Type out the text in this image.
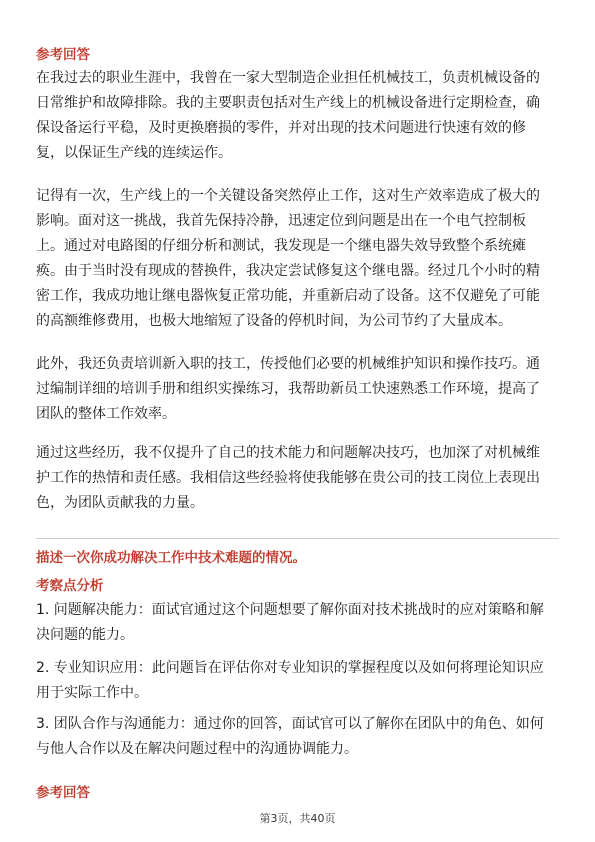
参考回答
在我过去的职业生涯中，我曾在一家大型制造企业担任机械技工，负责机械设备的
日常维护和故障排除。我的主要职责包括对生产线上的机械设备进行定期检查，确
保设备运行平稳，及时更换磨损的零件，并对出现的技术问题进行快速有效的修
复，以保证生产线的连续运作。
记得有一次，生产线上的一个关键设备突然停止工作，这对生产效率造成了极大的
影响。面对这一挑战，我首先保持冷静，迅速定位到问题是出在一个电气控制板
上。通过对电路图的仔细分析和测试，我发现是一个继电器失效导致整个系统瘫
痪。由于当时没有现成的替换件，我决定尝试修复这个继电器。经过几个小时的精
密工作，我成功地让继电器恢复正常功能，并重新启动了设备。这不仅避免了可能
的高额维修费用，也极大地缩短了设备的停机时间，为公司节约了大量成本。
此外，我还负责培训新入职的技工，传授他们必要的机械维护知识和操作技巧。通
过编制详细的培训手册和组织实操练习，我帮助新员工快速熟悉工作环境，提高了
团队的整体工作效率。
通过这些经历，我不仅提升了自己的技术能力和问题解决技巧，也加深了对机械维
护工作的热情和责任感。我相信这些经验将使我能够在贵公司的技工岗位上表现出
色，为团队贡献我的力量。
描述一次你成功解决工作中技术难题的情况。
考察点分析
1. 问题解决能力：面试官通过这个问题想要了解你面对技术挑战时的应对策略和解
决问题的能力。
2. 专业知识应用：此问题旨在评估你对专业知识的掌握程度以及如何将理论知识应
用于实际工作中。
3. 团队合作与沟通能力：通过你的回答，面试官可以了解你在团队中的角色、如何
与他人合作以及在解决问题过程中的沟通协调能力。
参考回答
第3页，共40页
